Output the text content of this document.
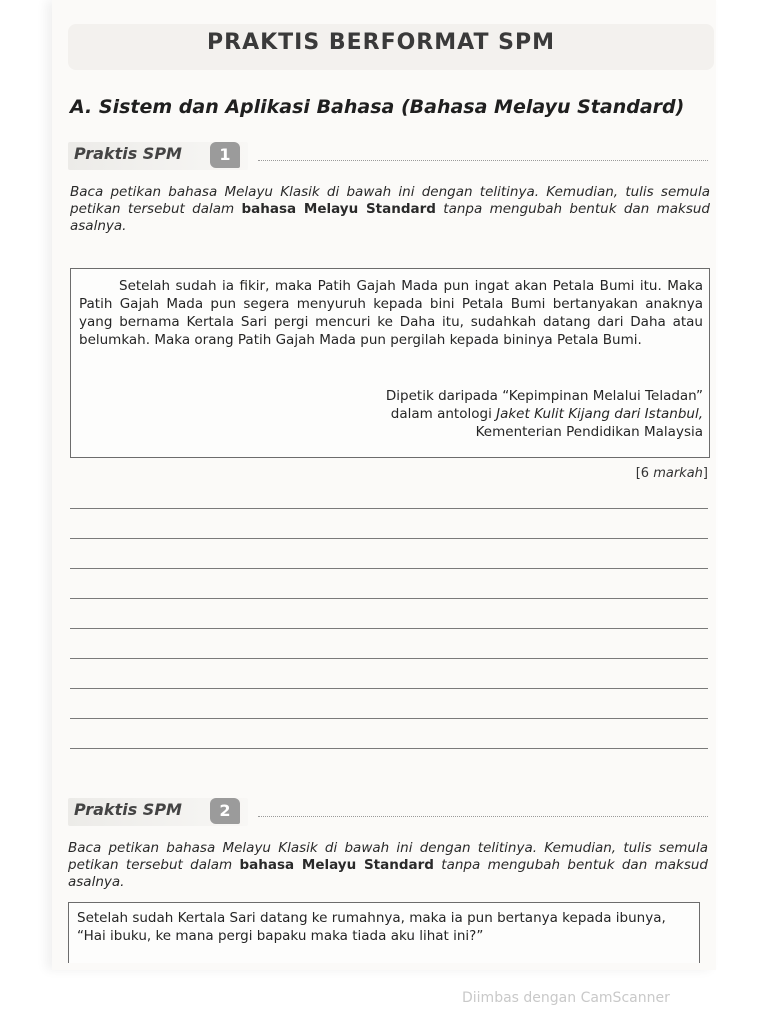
PRAKTIS BERFORMAT SPM
A. Sistem dan Aplikasi Bahasa (Bahasa Melayu Standard)
Praktis SPM	1
Baca petikan bahasa Melayu Klasik di bawah ini dengan telitinya. Kemudian, tulis semula petikan tersebut dalam bahasa Melayu Standard tanpa mengubah bentuk dan maksud asalnya.
Setelah sudah ia fikir, maka Patih Gajah Mada pun ingat akan Petala Bumi itu. Maka Patih Gajah Mada pun segera menyuruh kepada bini Petala Bumi bertanyakan anaknya yang bernama Kertala Sari pergi mencuri ke Daha itu, sudahkah datang dari Daha atau belumkah. Maka orang Patih Gajah Mada pun pergilah kepada bininya Petala Bumi.
Dipetik daripada “Kepimpinan Melalui Teladan”
dalam antologi Jaket Kulit Kijang dari Istanbul,
Kementerian Pendidikan Malaysia
[6 markah]
Praktis SPM	2
Baca petikan bahasa Melayu Klasik di bawah ini dengan telitinya. Kemudian, tulis semula petikan tersebut dalam bahasa Melayu Standard tanpa mengubah bentuk dan maksud asalnya.
Setelah sudah Kertala Sari datang ke rumahnya, maka ia pun bertanya kepada ibunya, “Hai ibuku, ke mana pergi bapaku maka tiada aku lihat ini?”
Diimbas dengan CamScanner
